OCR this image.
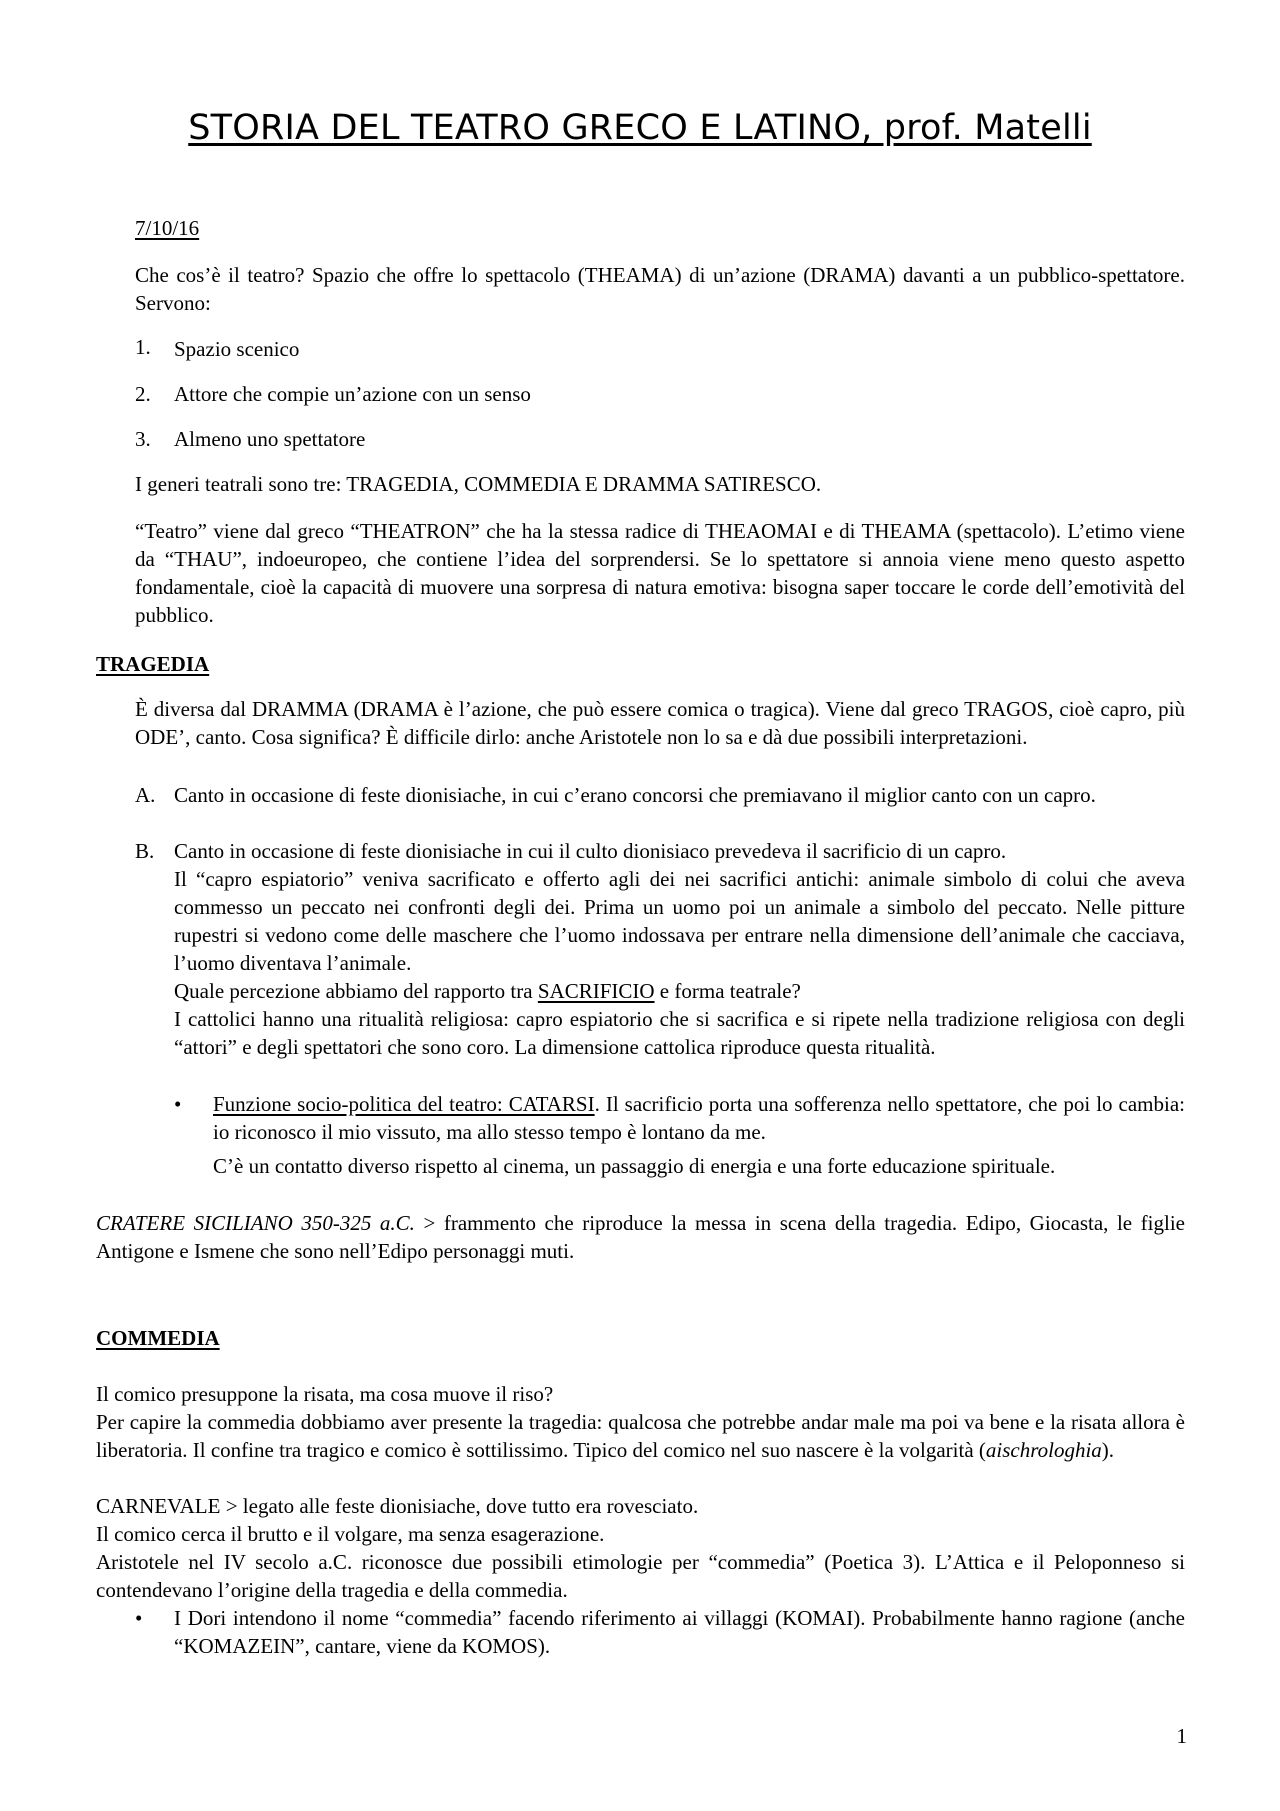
STORIA DEL TEATRO GRECO E LATINO, prof. Matelli
7/10/16
Che cos’è il teatro? Spazio che offre lo spettacolo (THEAMA) di un’azione (DRAMA) davanti a un pubblico-spettatore. Servono:
1. Spazio scenico
2. Attore che compie un’azione con un senso
3. Almeno uno spettatore
I generi teatrali sono tre: TRAGEDIA, COMMEDIA E DRAMMA SATIRESCO.
“Teatro” viene dal greco “THEATRON” che ha la stessa radice di THEAOMAI e di THEAMA (spettacolo). L’etimo viene da “THAU”, indoeuropeo, che contiene l’idea del sorprendersi. Se lo spettatore si annoia viene meno questo aspetto fondamentale, cioè la capacità di muovere una sorpresa di natura emotiva: bisogna saper toccare le corde dell’emotività del pubblico.
TRAGEDIA
È diversa dal DRAMMA (DRAMA è l’azione, che può essere comica o tragica). Viene dal greco TRAGOS, cioè capro, più ODE’, canto. Cosa significa? È difficile dirlo: anche Aristotele non lo sa e dà due possibili interpretazioni.
A. Canto in occasione di feste dionisiache, in cui c’erano concorsi che premiavano il miglior canto con un capro.
B. Canto in occasione di feste dionisiache in cui il culto dionisiaco prevedeva il sacrificio di un capro.
Il “capro espiatorio” veniva sacrificato e offerto agli dei nei sacrifici antichi: animale simbolo di colui che aveva commesso un peccato nei confronti degli dei. Prima un uomo poi un animale a simbolo del peccato. Nelle pitture rupestri si vedono come delle maschere che l’uomo indossava per entrare nella dimensione dell’animale che cacciava, l’uomo diventava l’animale.
Quale percezione abbiamo del rapporto tra SACRIFICIO e forma teatrale?
I cattolici hanno una ritualità religiosa: capro espiatorio che si sacrifica e si ripete nella tradizione religiosa con degli “attori” e degli spettatori che sono coro. La dimensione cattolica riproduce questa ritualità.
• Funzione socio-politica del teatro: CATARSI. Il sacrificio porta una sofferenza nello spettatore, che poi lo cambia: io riconosco il mio vissuto, ma allo stesso tempo è lontano da me.
C’è un contatto diverso rispetto al cinema, un passaggio di energia e una forte educazione spirituale.
CRATERE SICILIANO 350-325 a.C. > frammento che riproduce la messa in scena della tragedia. Edipo, Giocasta, le figlie Antigone e Ismene che sono nell’Edipo personaggi muti.
COMMEDIA
Il comico presuppone la risata, ma cosa muove il riso?
Per capire la commedia dobbiamo aver presente la tragedia: qualcosa che potrebbe andar male ma poi va bene e la risata allora è liberatoria. Il confine tra tragico e comico è sottilissimo. Tipico del comico nel suo nascere è la volgarità (aischrologhia).
CARNEVALE > legato alle feste dionisiache, dove tutto era rovesciato.
Il comico cerca il brutto e il volgare, ma senza esagerazione.
Aristotele nel IV secolo a.C. riconosce due possibili etimologie per “commedia” (Poetica 3). L’Attica e il Peloponneso si contendevano l’origine della tragedia e della commedia.
• I Dori intendono il nome “commedia” facendo riferimento ai villaggi (KOMAI). Probabilmente hanno ragione (anche “KOMAZEIN”, cantare, viene da KOMOS).
1
